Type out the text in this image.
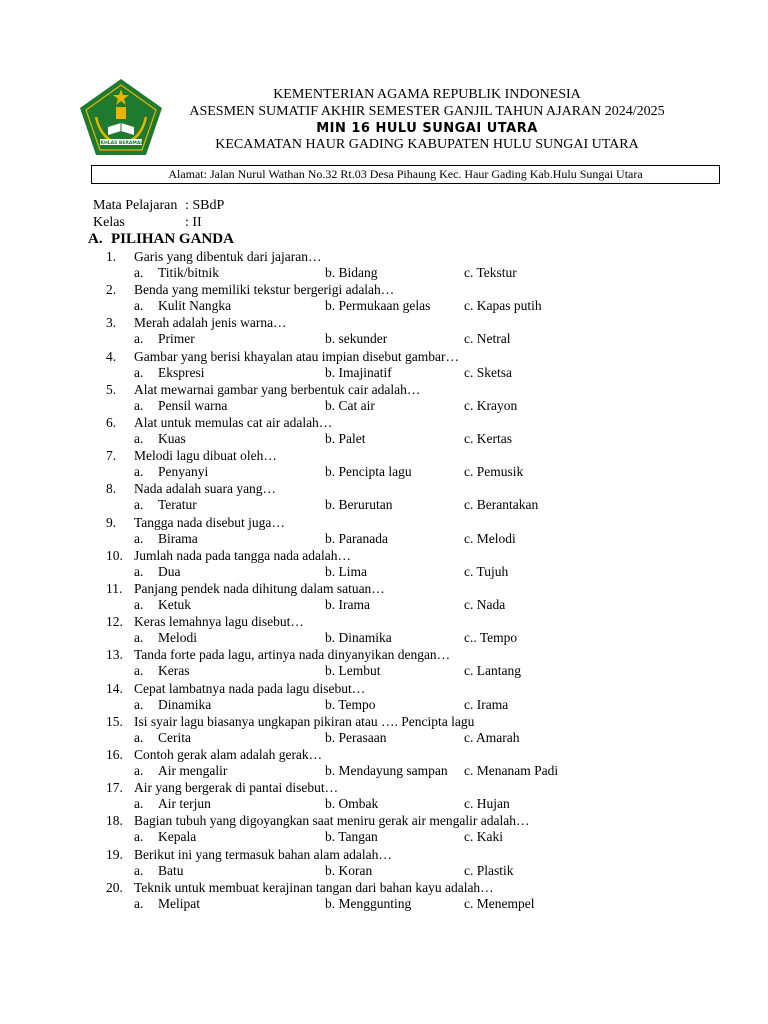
IKHLAS BERAMAL
KEMENTERIAN AGAMA REPUBLIK INDONESIA
ASESMEN SUMATIF AKHIR SEMESTER GANJIL TAHUN AJARAN 2024/2025
MIN 16 HULU SUNGAI UTARA
KECAMATAN HAUR GADING KABUPATEN HULU SUNGAI UTARA
Alamat: Jalan Nurul Wathan No.32 Rt.03 Desa Pihaung Kec. Haur Gading Kab.Hulu Sungai Utara
Mata Pelajaran : SBdP
Kelas	: II
A. PILIHAN GANDA
1. Garis yang dibentuk dari jajaran…
a. Titik/bitnik	b. Bidang	c. Tekstur
2. Benda yang memiliki tekstur bergerigi adalah…
a. Kulit Nangka	b. Permukaan gelas c. Kapas putih
3. Merah adalah jenis warna…
a. Primer	b. sekunder	c. Netral
4. Gambar yang berisi khayalan atau impian disebut gambar…
a. Ekspresi	b. Imajinatif	c. Sketsa
5. Alat mewarnai gambar yang berbentuk cair adalah…
a. Pensil warna	b. Cat air	c. Krayon
6. Alat untuk memulas cat air adalah…
a. Kuas	b. Palet	c. Kertas
7. Melodi lagu dibuat oleh…
a. Penyanyi	b. Pencipta lagu	c. Pemusik
8. Nada adalah suara yang…
a. Teratur	b. Berurutan	c. Berantakan
9. Tangga nada disebut juga…
a. Birama	b. Paranada	c. Melodi
10. Jumlah nada pada tangga nada adalah…
a. Dua	b. Lima	c. Tujuh
11. Panjang pendek nada dihitung dalam satuan…
a. Ketuk	b. Irama	c. Nada
12. Keras lemahnya lagu disebut…
a. Melodi	b. Dinamika	c.. Tempo
13. Tanda forte pada lagu, artinya nada dinyanyikan dengan…
a. Keras	b. Lembut	c. Lantang
14. Cepat lambatnya nada pada lagu disebut…
a. Dinamika	b. Tempo	c. Irama
15. Isi syair lagu biasanya ungkapan pikiran atau …. Pencipta lagu
a. Cerita	b. Perasaan	c. Amarah
16. Contoh gerak alam adalah gerak…
a. Air mengalir	b. Mendayung sampan c. Menanam Padi
17. Air yang bergerak di pantai disebut…
a. Air terjun	b. Ombak	c. Hujan
18. Bagian tubuh yang digoyangkan saat meniru gerak air mengalir adalah…
a. Kepala	b. Tangan	c. Kaki
19. Berikut ini yang termasuk bahan alam adalah…
a. Batu	b. Koran	c. Plastik
20. Teknik untuk membuat kerajinan tangan dari bahan kayu adalah…
a. Melipat	b. Menggunting	c. Menempel
